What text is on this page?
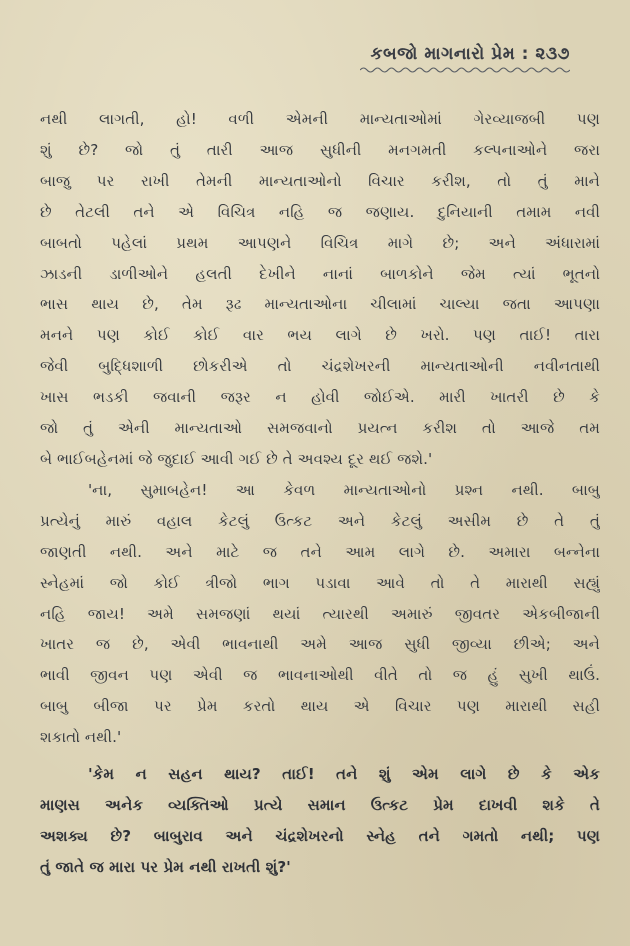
કબજો માગનારો પ્રેમ : ૨૩૭
નથી લાગતી, હો! વળી એમની માન્યતાઓમાં ગેરવ્યાજબી પણ
શું છે? જો તું તારી આજ સુધીની મનગમતી કલ્પનાઓને જરા
બાજુ પર રાખી તેમની માન્યતાઓનો વિચાર કરીશ, તો તું માને
છે તેટલી તને એ વિચિત્ર નહિ જ જણાય. દુનિયાની તમામ નવી
બાબતો પહેલાં પ્રથમ આપણને વિચિત્ર માગે છે; અને અંધારામાં
ઝાડની ડાળીઓને હલતી દેખીને નાનાં બાળકોને જેમ ત્યાં ભૂતનો
ભાસ થાય છે, તેમ રૂઢ માન્યતાઓના ચીલામાં ચાલ્યા જતા આપણા
મનને પણ કોઈ કોઈ વાર ભય લાગે છે ખરો. પણ તાઈ! તારા
જેવી બુદ્ધિશાળી છોકરીએ તો ચંદ્રશેખરની માન્યતાઓની નવીનતાથી
ખાસ ભડકી જવાની જરૂર ન હોવી જોઈએ. મારી ખાતરી છે કે
જો તું એની માન્યતાઓ સમજવાનો પ્રયત્ન કરીશ તો આજે તમ
બે ભાઈબહેનમાં જે જુદાઈ આવી ગઈ છે તે અવશ્ય દૂર થઈ જશે.'
'ના, સુમાબહેન! આ કેવળ માન્યતાઓનો પ્રશ્ન નથી. બાબુ
પ્રત્યેનું મારું વહાલ કેટલું ઉત્કટ અને કેટલું અસીમ છે તે તું
જાણતી નથી. અને માટે જ તને આમ લાગે છે. અમારા બન્નેના
સ્નેહમાં જો કોઈ ત્રીજો ભાગ પડાવા આવે તો તે મારાથી સહ્યું
નહિ જાય! અમે સમજણાં થયાં ત્યારથી અમારું જીવતર એકબીજાની
ખાતર જ છે, એવી ભાવનાથી અમે આજ સુધી જીવ્યા છીએ; અને
ભાવી જીવન પણ એવી જ ભાવનાઓથી વીતે તો જ હું સુખી થાઉં.
બાબુ બીજા પર પ્રેમ કરતો થાય એ વિચાર પણ મારાથી સહી
શકાતો નથી.'
'કેમ ન સહન થાય? તાઈ! તને શું એમ લાગે છે કે એક
માણસ અનેક વ્યક્તિઓ પ્રત્યે સમાન ઉત્કટ પ્રેમ દાખવી શકે તે
અશક્ય છે? બાબુરાવ અને ચંદ્રશેખરનો સ્નેહ તને ગમતો નથી; પણ
તું જાતે જ મારા પર પ્રેમ નથી રાખતી શું?'
